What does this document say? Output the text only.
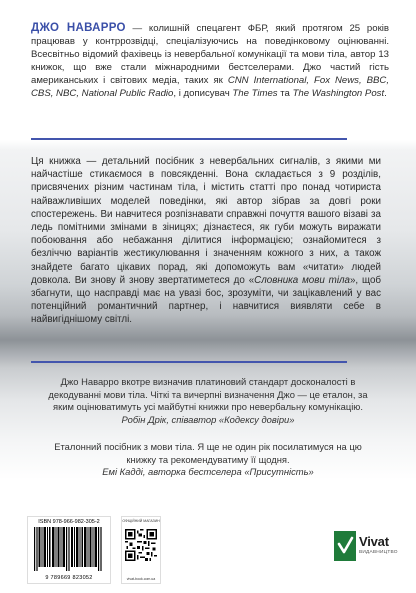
ДЖО НАВАРРО — колишній спецагент ФБР, який протягом 25 років працював у контррозвідці, спеціалізуючись на поведінковому оцінюванні. Всесвітньо відомий фахівець із невербальної комунікації та мови тіла, автор 13 книжок, що вже стали міжнародними бестселерами. Джо частий гість американських і світових медіа, таких як CNN International, Fox News, BBC, CBS, NBC, National Public Radio, і дописувач The Times та The Washington Post.
Ця книжка — детальний посібник з невербальних сигналів, з якими ми найчастіше стикаємося в повсякденні. Вона складається з 9 розділів, присвячених різним частинам тіла, і містить статті про понад чотириста найважливіших моделей поведінки, які автор зібрав за довгі роки спостережень. Ви навчитеся розпізнавати справжні почуття вашого візаві за ледь помітними змінами в зіницях; дізнаєтеся, як губи можуть виражати побоювання або небажання ділитися інформацією; ознайомитеся з безліччю варіантів жестикулювання і значенням кожного з них, а також знайдете багато цікавих порад, які допоможуть вам «читати» людей довкола. Ви знову й знову звертатиметеся до «Словника мови тіла», щоб збагнути, що насправді має на увазі бос, зрозуміти, чи зацікавлений у вас потенційний романтичний партнер, і навчитися виявляти себе в найвигіднішому світлі.
Джо Наварро вкотре визначив платиновий стандарт досконалості в декодуванні мови тіла. Чіткі та вичерпні визначення Джо — це еталон, за яким оцінюватимуть усі майбутні книжки про невербальну комунікацію.
Робін Дрік, співавтор «Кодексу довіри»
Еталонний посібник з мови тіла. Я ще не один рік посилатимуся на цю книжку та рекомендуватиму її щодня.
Емі Кадді, авторка бестселера «Присутність»
ISBN 978-966-982-305-2
9 789669 823052
ОФІЦІЙНИЙ МАГАЗИН
vivat-book.com.ua
Vivat
ВИДАВНИЦТВО
